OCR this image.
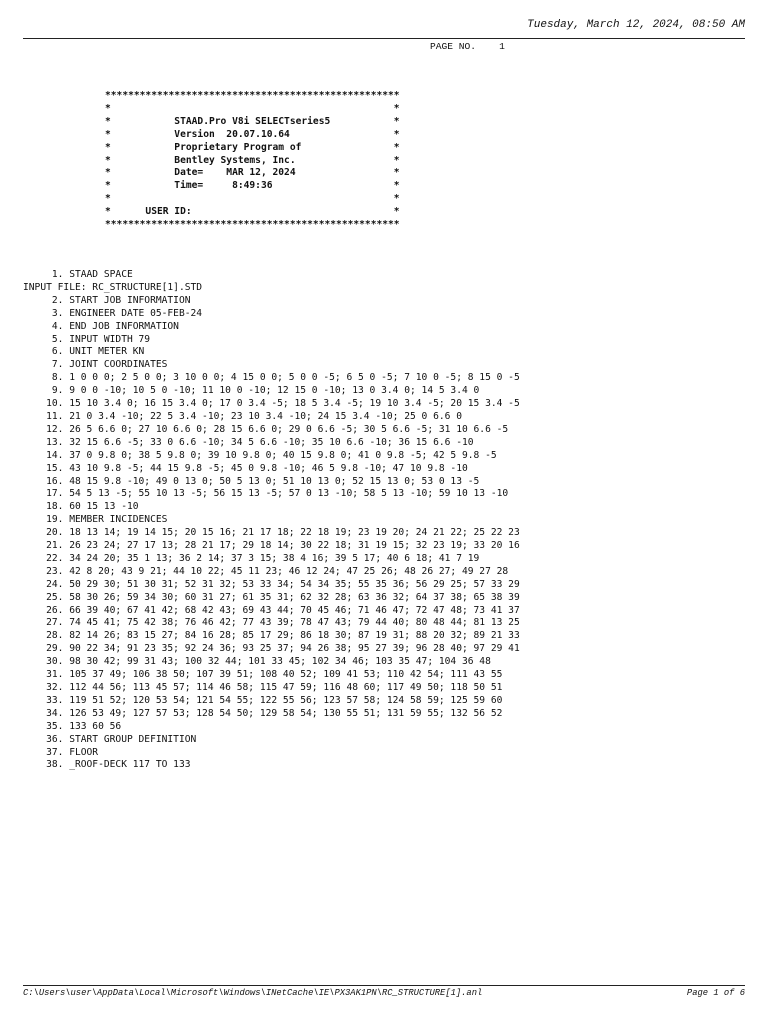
Tuesday, March 12, 2024, 08:50 AM
PAGE NO.    1
***************************************************
*                                                 *
*           STAAD.Pro V8i SELECTseries5           *
*           Version  20.07.10.64                  *
*           Proprietary Program of                *
*           Bentley Systems, Inc.                 *
*           Date=    MAR 12, 2024                 *
*           Time=     8:49:36                     *
*                                                 *
*      USER ID:                                   *
***************************************************
1. STAAD SPACE
INPUT FILE: RC_STRUCTURE[1].STD
2. START JOB INFORMATION
3. ENGINEER DATE 05-FEB-24
4. END JOB INFORMATION
5. INPUT WIDTH 79
6. UNIT METER KN
7. JOINT COORDINATES
8. 1 0 0 0; 2 5 0 0; 3 10 0 0; 4 15 0 0; 5 0 0 -5; 6 5 0 -5; 7 10 0 -5; 8 15 0 -5
9. 9 0 0 -10; 10 5 0 -10; 11 10 0 -10; 12 15 0 -10; 13 0 3.4 0; 14 5 3.4 0
10. 15 10 3.4 0; 16 15 3.4 0; 17 0 3.4 -5; 18 5 3.4 -5; 19 10 3.4 -5; 20 15 3.4 -5
11. 21 0 3.4 -10; 22 5 3.4 -10; 23 10 3.4 -10; 24 15 3.4 -10; 25 0 6.6 0
12. 26 5 6.6 0; 27 10 6.6 0; 28 15 6.6 0; 29 0 6.6 -5; 30 5 6.6 -5; 31 10 6.6 -5
13. 32 15 6.6 -5; 33 0 6.6 -10; 34 5 6.6 -10; 35 10 6.6 -10; 36 15 6.6 -10
14. 37 0 9.8 0; 38 5 9.8 0; 39 10 9.8 0; 40 15 9.8 0; 41 0 9.8 -5; 42 5 9.8 -5
15. 43 10 9.8 -5; 44 15 9.8 -5; 45 0 9.8 -10; 46 5 9.8 -10; 47 10 9.8 -10
16. 48 15 9.8 -10; 49 0 13 0; 50 5 13 0; 51 10 13 0; 52 15 13 0; 53 0 13 -5
17. 54 5 13 -5; 55 10 13 -5; 56 15 13 -5; 57 0 13 -10; 58 5 13 -10; 59 10 13 -10
18. 60 15 13 -10
19. MEMBER INCIDENCES
20. 18 13 14; 19 14 15; 20 15 16; 21 17 18; 22 18 19; 23 19 20; 24 21 22; 25 22 23
21. 26 23 24; 27 17 13; 28 21 17; 29 18 14; 30 22 18; 31 19 15; 32 23 19; 33 20 16
22. 34 24 20; 35 1 13; 36 2 14; 37 3 15; 38 4 16; 39 5 17; 40 6 18; 41 7 19
23. 42 8 20; 43 9 21; 44 10 22; 45 11 23; 46 12 24; 47 25 26; 48 26 27; 49 27 28
24. 50 29 30; 51 30 31; 52 31 32; 53 33 34; 54 34 35; 55 35 36; 56 29 25; 57 33 29
25. 58 30 26; 59 34 30; 60 31 27; 61 35 31; 62 32 28; 63 36 32; 64 37 38; 65 38 39
26. 66 39 40; 67 41 42; 68 42 43; 69 43 44; 70 45 46; 71 46 47; 72 47 48; 73 41 37
27. 74 45 41; 75 42 38; 76 46 42; 77 43 39; 78 47 43; 79 44 40; 80 48 44; 81 13 25
28. 82 14 26; 83 15 27; 84 16 28; 85 17 29; 86 18 30; 87 19 31; 88 20 32; 89 21 33
29. 90 22 34; 91 23 35; 92 24 36; 93 25 37; 94 26 38; 95 27 39; 96 28 40; 97 29 41
30. 98 30 42; 99 31 43; 100 32 44; 101 33 45; 102 34 46; 103 35 47; 104 36 48
31. 105 37 49; 106 38 50; 107 39 51; 108 40 52; 109 41 53; 110 42 54; 111 43 55
32. 112 44 56; 113 45 57; 114 46 58; 115 47 59; 116 48 60; 117 49 50; 118 50 51
33. 119 51 52; 120 53 54; 121 54 55; 122 55 56; 123 57 58; 124 58 59; 125 59 60
34. 126 53 49; 127 57 53; 128 54 50; 129 58 54; 130 55 51; 131 59 55; 132 56 52
35. 133 60 56
36. START GROUP DEFINITION
37. FLOOR
38. _ROOF-DECK 117 TO 133
C:\Users\user\AppData\Local\Microsoft\Windows\INetCache\IE\PX3AK1PN\RC_STRUCTURE[1].anl	Page 1 of 6
